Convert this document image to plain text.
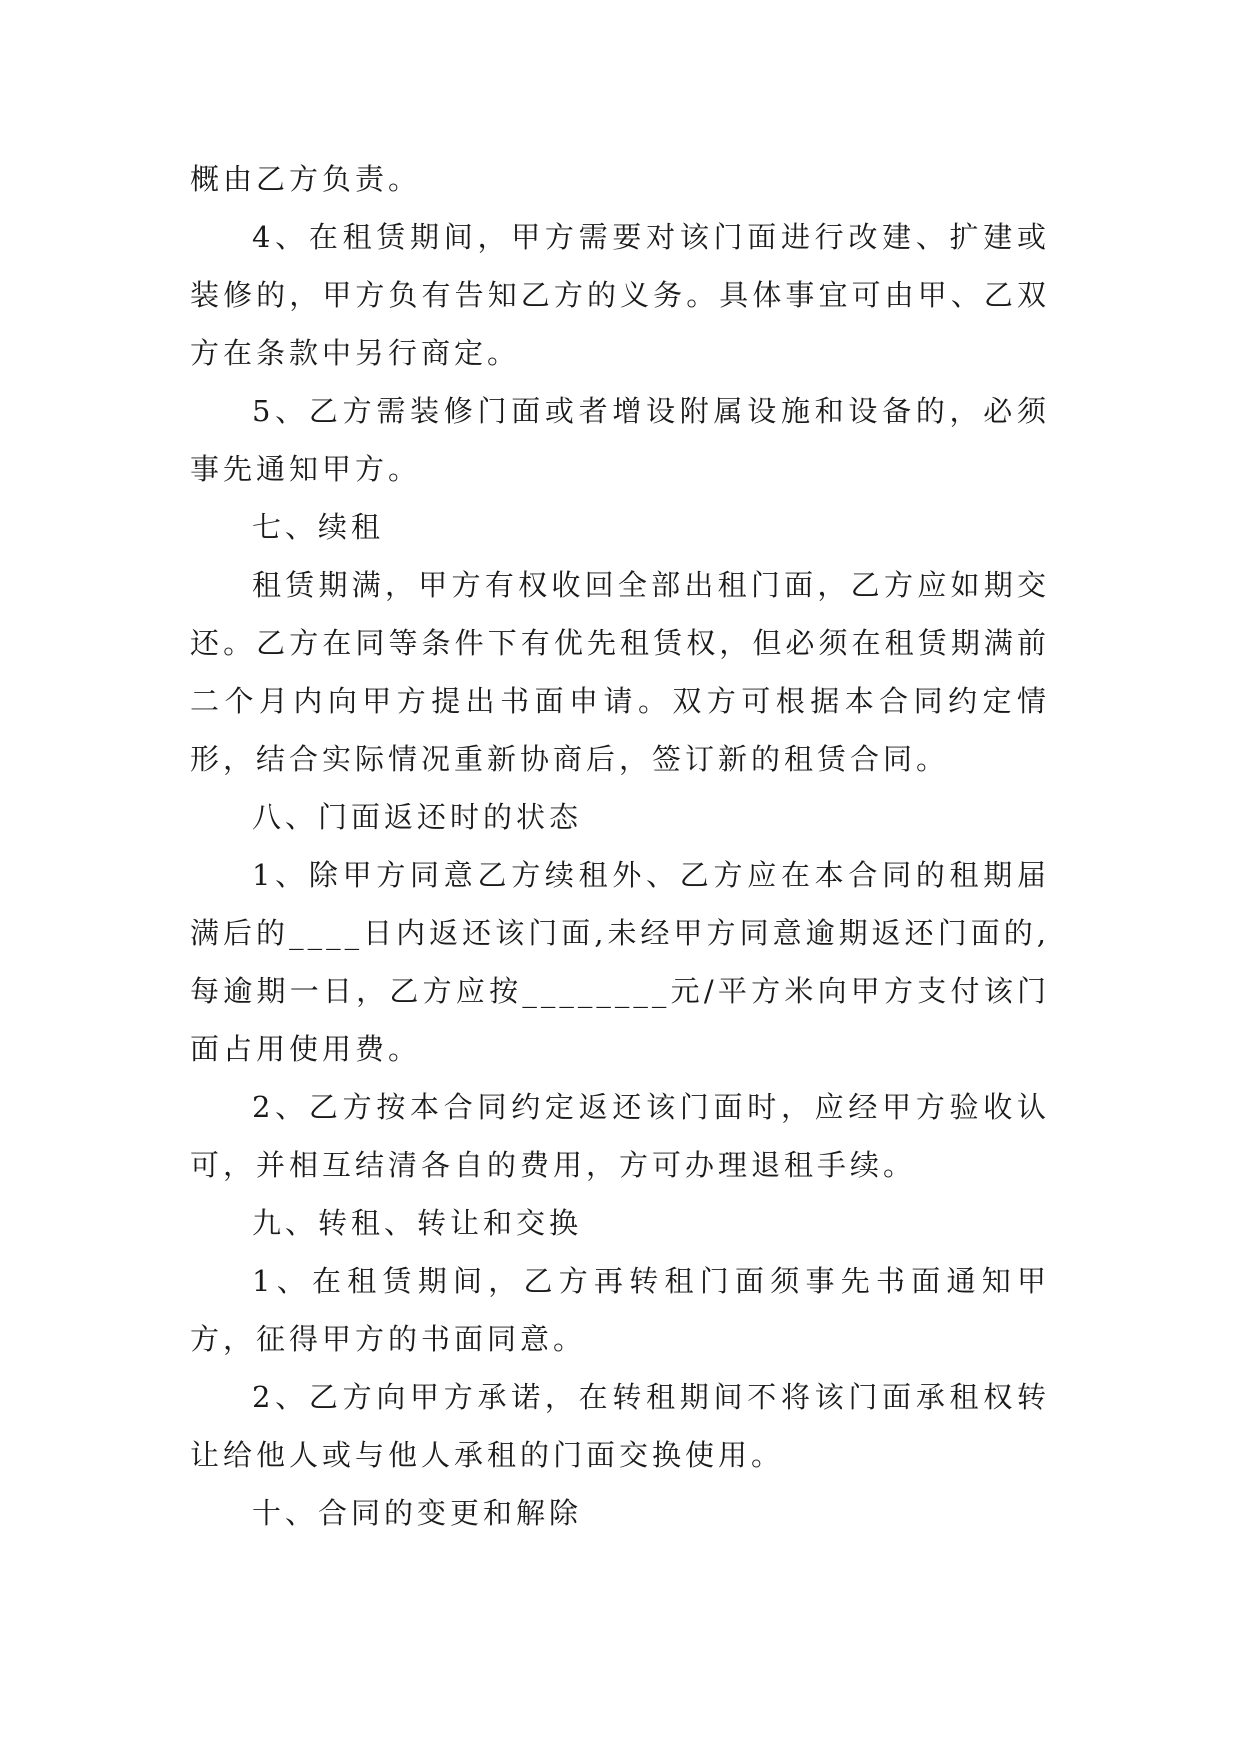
概由乙方负责。

4、在租赁期间，甲方需要对该门面进行改建、扩建或装修的，甲方负有告知乙方的义务。具体事宜可由甲、乙双方在条款中另行商定。

5、乙方需装修门面或者增设附属设施和设备的，必须事先通知甲方。

七、续租

租赁期满，甲方有权收回全部出租门面，乙方应如期交还。乙方在同等条件下有优先租赁权，但必须在租赁期满前二个月内向甲方提出书面申请。双方可根据本合同约定情形，结合实际情况重新协商后，签订新的租赁合同。

八、门面返还时的状态

1、除甲方同意乙方续租外、乙方应在本合同的租期届满后的____日内返还该门面,未经甲方同意逾期返还门面的,每逾期一日，乙方应按________元/平方米向甲方支付该门面占用使用费。

2、乙方按本合同约定返还该门面时，应经甲方验收认可，并相互结清各自的费用，方可办理退租手续。

九、转租、转让和交换

1、在租赁期间，乙方再转租门面须事先书面通知甲方，征得甲方的书面同意。

2、乙方向甲方承诺，在转租期间不将该门面承租权转让给他人或与他人承租的门面交换使用。

十、合同的变更和解除
